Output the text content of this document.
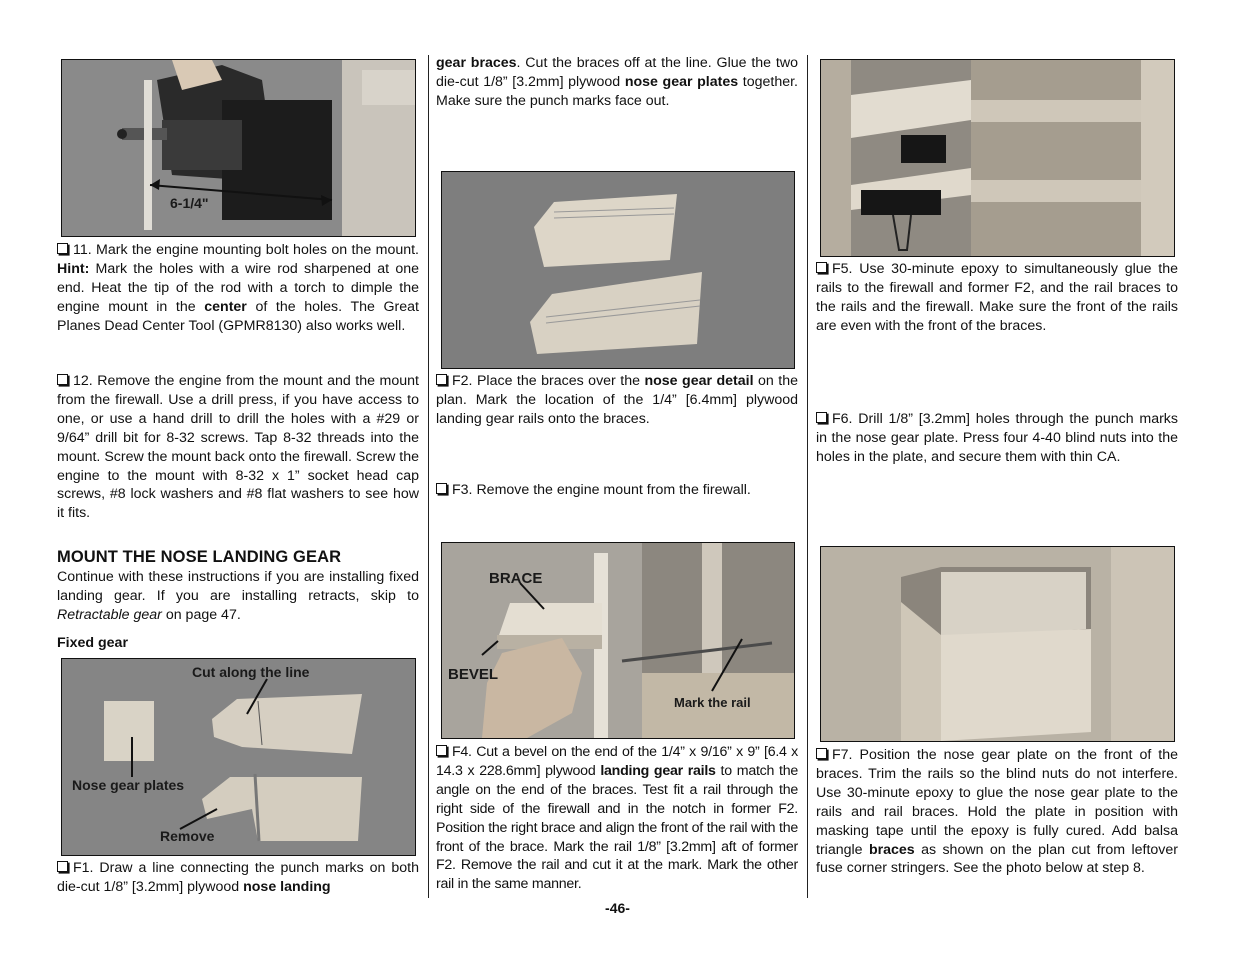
6-1/4"

11. Mark the engine mounting bolt holes on the mount. Hint: Mark the holes with a wire rod sharpened at one end. Heat the tip of the rod with a torch to dimple the engine mount in the center of the holes. The Great Planes Dead Center Tool (GPMR8130) also works well.

12. Remove the engine from the mount and the mount from the firewall. Use a drill press, if you have access to one, or use a hand drill to drill the holes with a #29 or 9/64” drill bit for 8-32 screws. Tap 8-32 threads into the mount. Screw the mount back onto the firewall. Screw the engine to the mount with 8-32 x 1” socket head cap screws, #8 lock washers and #8 flat washers to see how it fits.

MOUNT THE NOSE LANDING GEAR

Continue with these instructions if you are installing fixed landing gear. If you are installing retracts, skip to Retractable gear on page 47.

Fixed gear
Cut along the line
Nose gear plates
Remove

F1. Draw a line connecting the punch marks on both die-cut 1/8” [3.2mm] plywood nose landing

gear braces. Cut the braces off at the line. Glue the two die-cut 1/8” [3.2mm] plywood nose gear plates together. Make sure the punch marks face out.

F2. Place the braces over the nose gear detail on the plan. Mark the location of the 1/4” [6.4mm] plywood landing gear rails onto the braces.

F3. Remove the engine mount from the firewall.

BRACE
BEVEL
Mark the rail

F4. Cut a bevel on the end of the 1/4” x 9/16” x 9” [6.4 x 14.3 x 228.6mm] plywood landing gear rails to match the angle on the end of the braces. Test fit a rail through the right side of the firewall and in the notch in former F2. Position the right brace and align the front of the rail with the front of the brace. Mark the rail 1/8” [3.2mm] aft of former F2. Remove the rail and cut it at the mark. Mark the other rail in the same manner.

F5. Use 30-minute epoxy to simultaneously glue the rails to the firewall and former F2, and the rail braces to the rails and the firewall. Make sure the front of the rails are even with the front of the braces.

F6. Drill 1/8” [3.2mm] holes through the punch marks in the nose gear plate. Press four 4-40 blind nuts into the holes in the plate, and secure them with thin CA.

F7. Position the nose gear plate on the front of the braces. Trim the rails so the blind nuts do not interfere. Use 30-minute epoxy to glue the nose gear plate to the rails and rail braces. Hold the plate in position with masking tape until the epoxy is fully cured. Add balsa triangle braces as shown on the plan cut from leftover fuse corner stringers. See the photo below at step 8.

-46-
